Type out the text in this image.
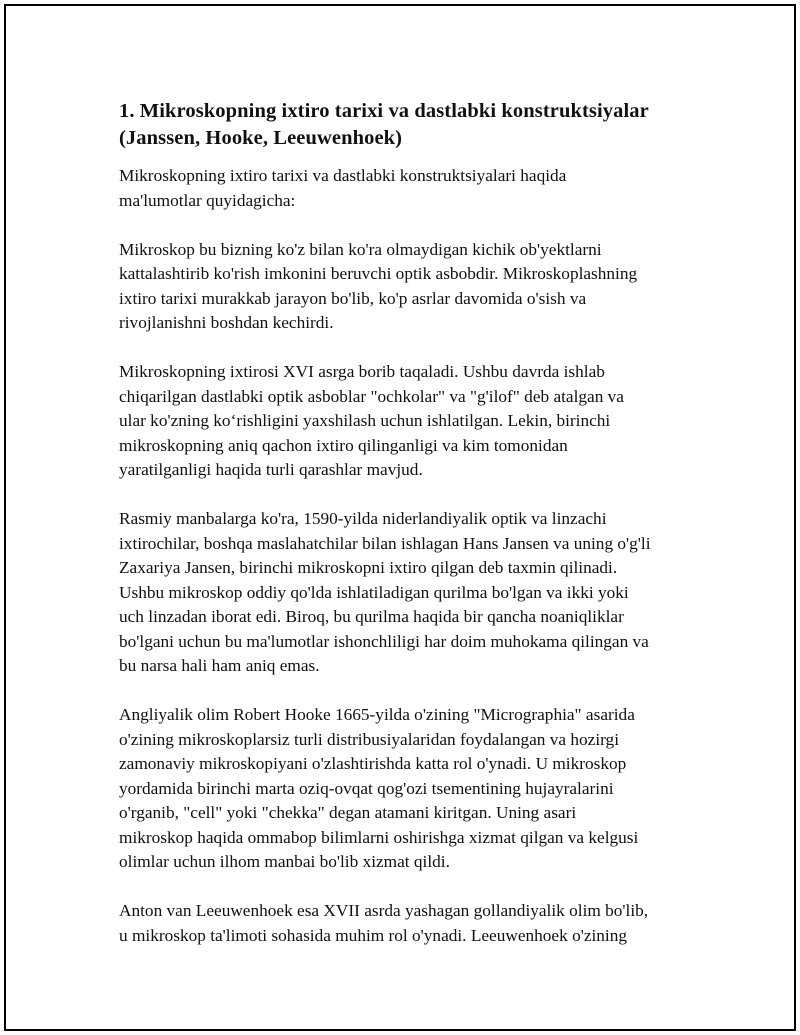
1. Mikroskopning ixtiro tarixi va dastlabki konstruktsiyalar
(Janssen, Hooke, Leeuwenhoek)

Mikroskopning ixtiro tarixi va dastlabki konstruktsiyalari haqida
ma'lumotlar quyidagicha:

Mikroskop bu bizning ko'z bilan ko'ra olmaydigan kichik ob'yektlarni
kattalashtirib ko'rish imkonini beruvchi optik asbobdir. Mikroskoplashning
ixtiro tarixi murakkab jarayon bo'lib, ko'p asrlar davomida o'sish va
rivojlanishni boshdan kechirdi.

Mikroskopning ixtirosi XVI asrga borib taqaladi. Ushbu davrda ishlab
chiqarilgan dastlabki optik asboblar "ochkolar" va "g'ilof" deb atalgan va
ular ko'zning ko‘rishligini yaxshilash uchun ishlatilgan. Lekin, birinchi
mikroskopning aniq qachon ixtiro qilinganligi va kim tomonidan
yaratilganligi haqida turli qarashlar mavjud.

Rasmiy manbalarga ko'ra, 1590-yilda niderlandiyalik optik va linzachi
ixtirochilar, boshqa maslahatchilar bilan ishlagan Hans Jansen va uning o'g'li
Zaxariya Jansen, birinchi mikroskopni ixtiro qilgan deb taxmin qilinadi.
Ushbu mikroskop oddiy qo'lda ishlatiladigan qurilma bo'lgan va ikki yoki
uch linzadan iborat edi. Biroq, bu qurilma haqida bir qancha noaniqliklar
bo'lgani uchun bu ma'lumotlar ishonchliligi har doim muhokama qilingan va
bu narsa hali ham aniq emas.

Angliyalik olim Robert Hooke 1665-yilda o'zining "Micrographia" asarida
o'zining mikroskoplarsiz turli distribusiyalaridan foydalangan va hozirgi
zamonaviy mikroskopiyani o'zlashtirishda katta rol o'ynadi. U mikroskop
yordamida birinchi marta oziq-ovqat qog'ozi tsementining hujayralarini
o'rganib, "cell" yoki "chekka" degan atamani kiritgan. Uning asari
mikroskop haqida ommabop bilimlarni oshirishga xizmat qilgan va kelgusi
olimlar uchun ilhom manbai bo'lib xizmat qildi.

Anton van Leeuwenhoek esa XVII asrda yashagan gollandiyalik olim bo'lib,
u mikroskop ta'limoti sohasida muhim rol o'ynadi. Leeuwenhoek o'zining
